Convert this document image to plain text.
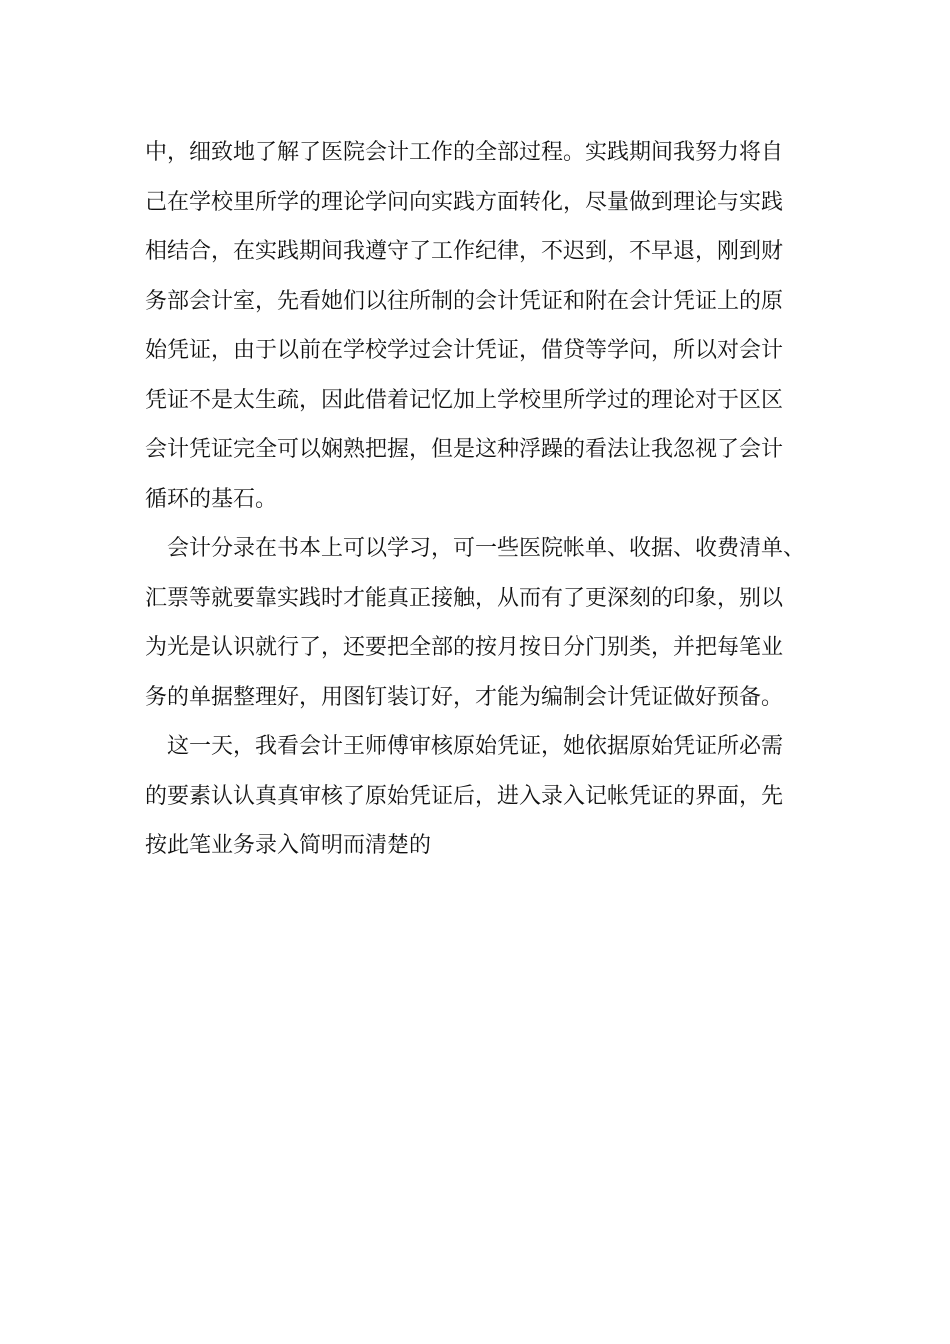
中，细致地了解了医院会计工作的全部过程。实践期间我努力将自
己在学校里所学的理论学问向实践方面转化，尽量做到理论与实践
相结合，在实践期间我遵守了工作纪律，不迟到，不早退，刚到财
务部会计室，先看她们以往所制的会计凭证和附在会计凭证上的原
始凭证，由于以前在学校学过会计凭证，借贷等学问，所以对会计
凭证不是太生疏，因此借着记忆加上学校里所学过的理论对于区区
会计凭证完全可以娴熟把握，但是这种浮躁的看法让我忽视了会计
循环的基石。
会计分录在书本上可以学习，可一些医院帐单、收据、收费清单、
汇票等就要靠实践时才能真正接触，从而有了更深刻的印象，别以
为光是认识就行了，还要把全部的按月按日分门别类，并把每笔业
务的单据整理好，用图钉装订好，才能为编制会计凭证做好预备。
这一天，我看会计王师傅审核原始凭证，她依据原始凭证所必需
的要素认认真真审核了原始凭证后，进入录入记帐凭证的界面，先
按此笔业务录入简明而清楚的
